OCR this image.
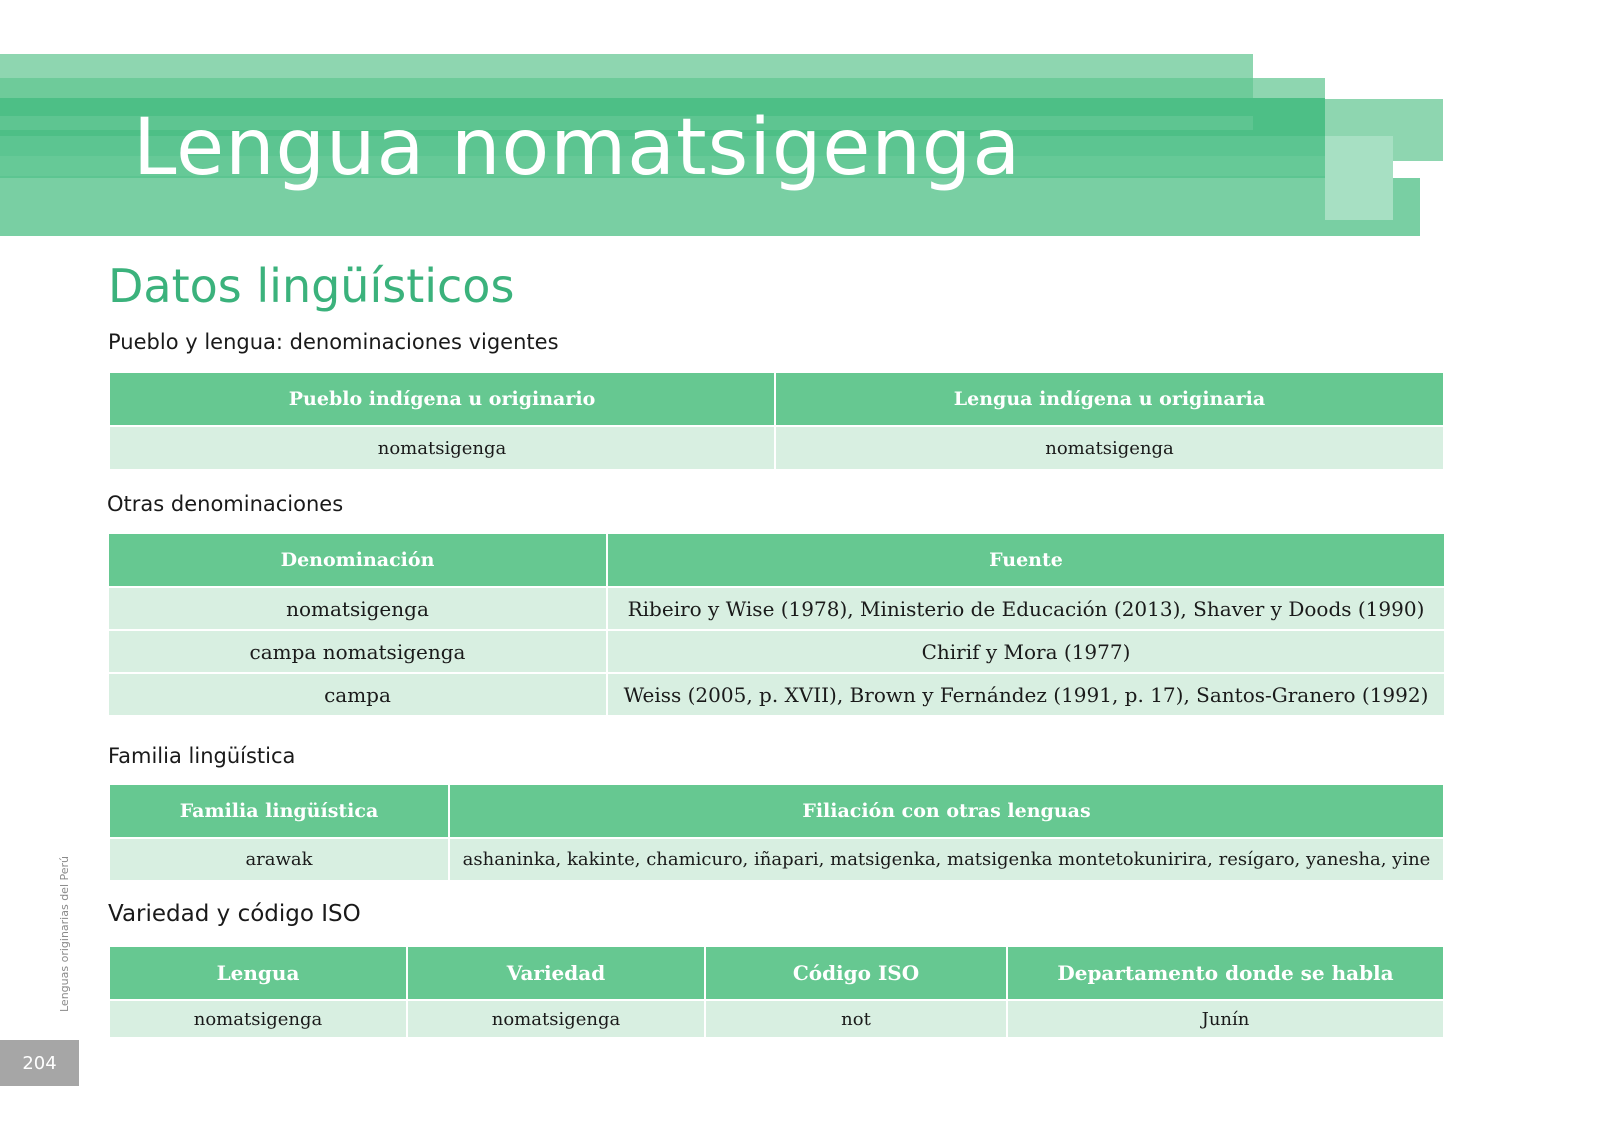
Lengua nomatsigenga
Datos lingüísticos
Pueblo y lengua: denominaciones vigentes
Pueblo indígena u originario	Lengua indígena u originaria
nomatsigenga	nomatsigenga
Otras denominaciones
Denominación	Fuente
nomatsigenga	Ribeiro y Wise (1978), Ministerio de Educación (2013), Shaver y Doods (1990)
campa nomatsigenga	Chirif y Mora (1977)
campa	Weiss (2005, p. XVII), Brown y Fernández (1991, p. 17), Santos-Granero (1992)
Familia lingüística
Familia lingüística	Filiación con otras lenguas
arawak	ashaninka, kakinte, chamicuro, iñapari, matsigenka, matsigenka montetokunirira, resígaro, yanesha, yine
Variedad y código ISO
Lengua	Variedad	Código ISO	Departamento donde se habla
nomatsigenga	nomatsigenga	not	Junín
Lenguas originarias del Perú
204
